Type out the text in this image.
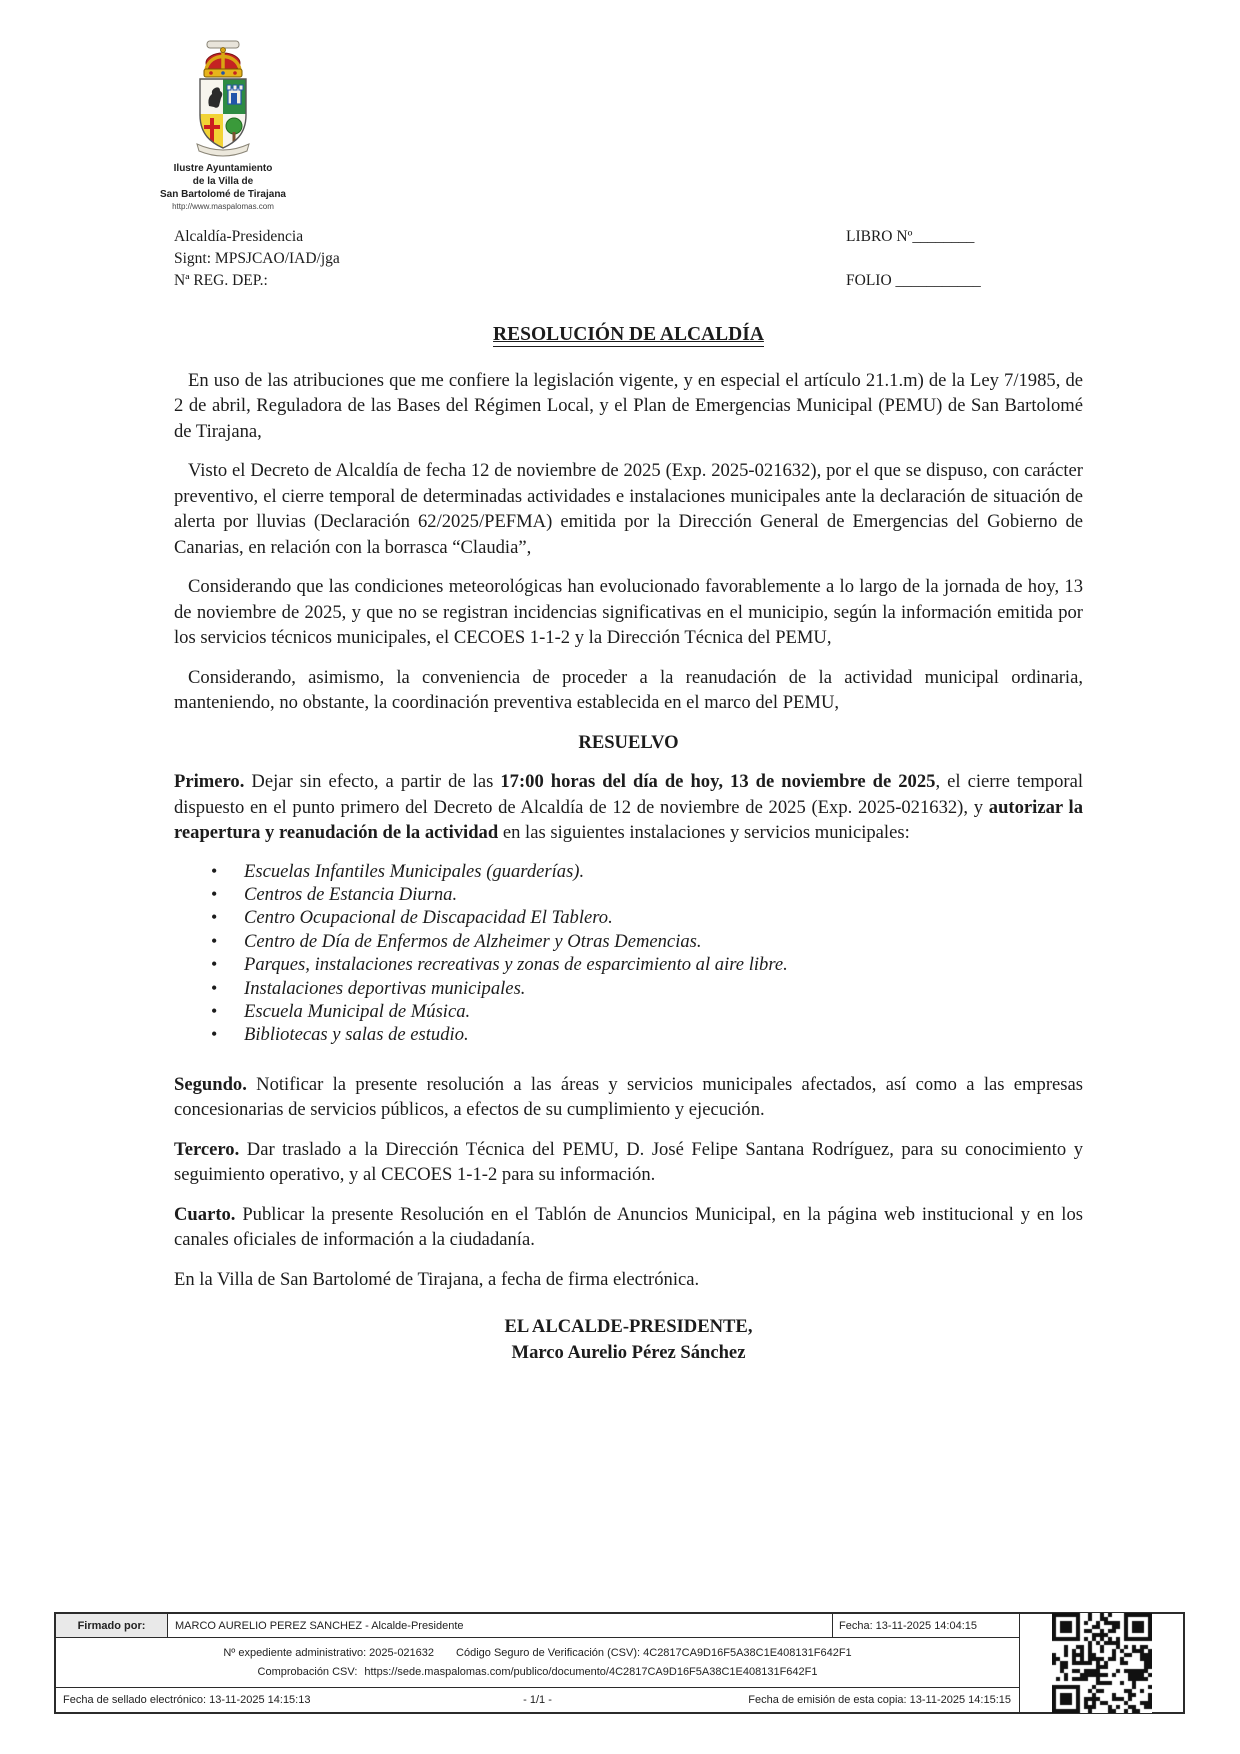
Ilustre Ayuntamiento
de la Villa de
San Bartolomé de Tirajana
http://www.maspalomas.com
Alcaldía-Presidencia
Signt: MPSJCAO/IAD/jga
Nª REG. DEP.:
LIBRO Nº________
FOLIO ___________
RESOLUCIÓN DE ALCALDÍA

En uso de las atribuciones que me confiere la legislación vigente, y en especial el artículo 21.1.m) de la Ley 7/1985, de 2 de abril, Reguladora de las Bases del Régimen Local, y el Plan de Emergencias Municipal (PEMU) de San Bartolomé de Tirajana,

Visto el Decreto de Alcaldía de fecha 12 de noviembre de 2025 (Exp. 2025-021632), por el que se dispuso, con carácter preventivo, el cierre temporal de determinadas actividades e instalaciones municipales ante la declaración de situación de alerta por lluvias (Declaración 62/2025/PEFMA) emitida por la Dirección General de Emergencias del Gobierno de Canarias, en relación con la borrasca “Claudia”,

Considerando que las condiciones meteorológicas han evolucionado favorablemente a lo largo de la jornada de hoy, 13 de noviembre de 2025, y que no se registran incidencias significativas en el municipio, según la información emitida por los servicios técnicos municipales, el CECOES 1-1-2 y la Dirección Técnica del PEMU,

Considerando, asimismo, la conveniencia de proceder a la reanudación de la actividad municipal ordinaria, manteniendo, no obstante, la coordinación preventiva establecida en el marco del PEMU,

RESUELVO

Primero. Dejar sin efecto, a partir de las 17:00 horas del día de hoy, 13 de noviembre de 2025, el cierre temporal dispuesto en el punto primero del Decreto de Alcaldía de 12 de noviembre de 2025 (Exp. 2025-021632), y autorizar la reapertura y reanudación de la actividad en las siguientes instalaciones y servicios municipales:

• Escuelas Infantiles Municipales (guarderías).
• Centros de Estancia Diurna.
• Centro Ocupacional de Discapacidad El Tablero.
• Centro de Día de Enfermos de Alzheimer y Otras Demencias.
• Parques, instalaciones recreativas y zonas de esparcimiento al aire libre.
• Instalaciones deportivas municipales.
• Escuela Municipal de Música.
• Bibliotecas y salas de estudio.

Segundo. Notificar la presente resolución a las áreas y servicios municipales afectados, así como a las empresas concesionarias de servicios públicos, a efectos de su cumplimiento y ejecución.

Tercero. Dar traslado a la Dirección Técnica del PEMU, D. José Felipe Santana Rodríguez, para su conocimiento y seguimiento operativo, y al CECOES 1-1-2 para su información.

Cuarto. Publicar la presente Resolución en el Tablón de Anuncios Municipal, en la página web institucional y en los canales oficiales de información a la ciudadanía.

En la Villa de San Bartolomé de Tirajana, a fecha de firma electrónica.

EL ALCALDE-PRESIDENTE,
Marco Aurelio Pérez Sánchez
Firmado por:	MARCO AURELIO PEREZ SANCHEZ - Alcalde-Presidente	Fecha: 13-11-2025 14:04:15
Nº expediente administrativo: 2025-021632 Código Seguro de Verificación (CSV): 4C2817CA9D16F5A38C1E408131F642F1
Comprobación CSV: https://sede.maspalomas.com/publico/documento/4C2817CA9D16F5A38C1E408131F642F1
- 1/1 -
Fecha de sellado electrónico: 13-11-2025 14:15:13	Fecha de emisión de esta copia: 13-11-2025 14:15:15
